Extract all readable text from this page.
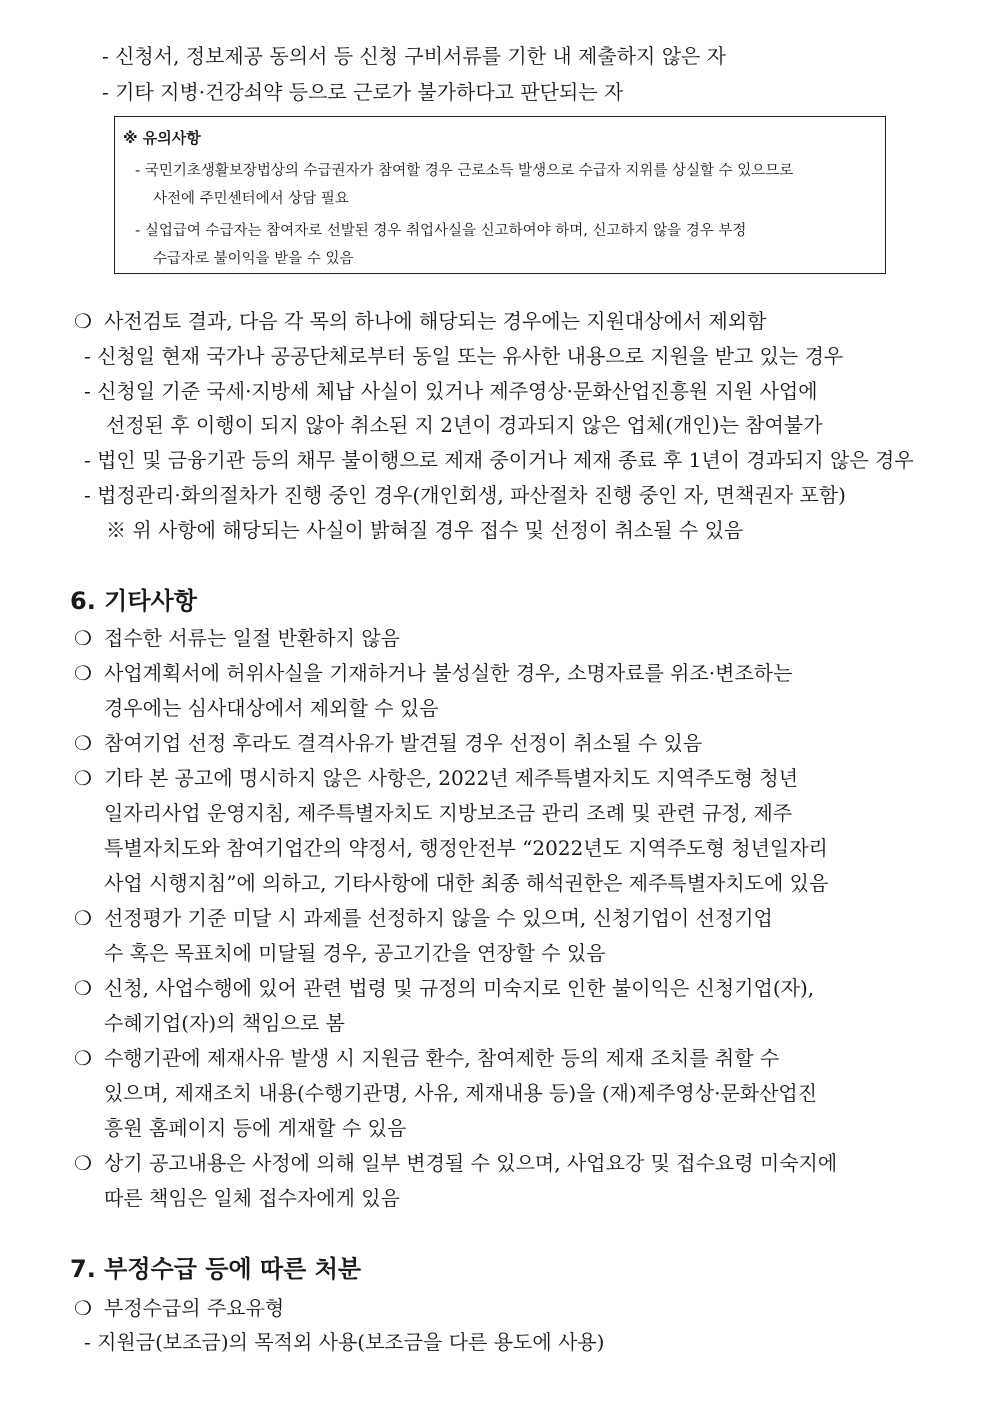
- 신청서, 정보제공 동의서 등 신청 구비서류를 기한 내 제출하지 않은 자
- 기타 지병·건강쇠약 등으로 근로가 불가하다고 판단되는 자
※ 유의사항
- 국민기초생활보장법상의 수급권자가 참여할 경우 근로소득 발생으로 수급자 지위를 상실할 수 있으므로
사전에 주민센터에서 상담 필요
- 실업급여 수급자는 참여자로 선발된 경우 취업사실을 신고하여야 하며, 신고하지 않을 경우 부정
수급자로 불이익을 받을 수 있음
❍ 사전검토 결과, 다음 각 목의 하나에 해당되는 경우에는 지원대상에서 제외함
- 신청일 현재 국가나 공공단체로부터 동일 또는 유사한 내용으로 지원을 받고 있는 경우
- 신청일 기준 국세·지방세 체납 사실이 있거나 제주영상·문화산업진흥원 지원 사업에
선정된 후 이행이 되지 않아 취소된 지 2년이 경과되지 않은 업체(개인)는 참여불가
- 법인 및 금융기관 등의 채무 불이행으로 제재 중이거나 제재 종료 후 1년이 경과되지 않은 경우
- 법정관리·화의절차가 진행 중인 경우(개인회생, 파산절차 진행 중인 자, 면책권자 포함)
※ 위 사항에 해당되는 사실이 밝혀질 경우 접수 및 선정이 취소될 수 있음
6. 기타사항
❍ 접수한 서류는 일절 반환하지 않음
❍ 사업계획서에 허위사실을 기재하거나 불성실한 경우, 소명자료를 위조·변조하는
경우에는 심사대상에서 제외할 수 있음
❍ 참여기업 선정 후라도 결격사유가 발견될 경우 선정이 취소될 수 있음
❍ 기타 본 공고에 명시하지 않은 사항은, 2022년 제주특별자치도 지역주도형 청년
일자리사업 운영지침, 제주특별자치도 지방보조금 관리 조례 및 관련 규정, 제주
특별자치도와 참여기업간의 약정서, 행정안전부 “2022년도 지역주도형 청년일자리
사업 시행지침”에 의하고, 기타사항에 대한 최종 해석권한은 제주특별자치도에 있음
❍ 선정평가 기준 미달 시 과제를 선정하지 않을 수 있으며, 신청기업이 선정기업
수 혹은 목표치에 미달될 경우, 공고기간을 연장할 수 있음
❍ 신청, 사업수행에 있어 관련 법령 및 규정의 미숙지로 인한 불이익은 신청기업(자),
수혜기업(자)의 책임으로 봄
❍ 수행기관에 제재사유 발생 시 지원금 환수, 참여제한 등의 제재 조치를 취할 수
있으며, 제재조치 내용(수행기관명, 사유, 제재내용 등)을 (재)제주영상·문화산업진
흥원 홈페이지 등에 게재할 수 있음
❍ 상기 공고내용은 사정에 의해 일부 변경될 수 있으며, 사업요강 및 접수요령 미숙지에
따른 책임은 일체 접수자에게 있음
7. 부정수급 등에 따른 처분
❍ 부정수급의 주요유형
- 지원금(보조금)의 목적외 사용(보조금을 다른 용도에 사용)
